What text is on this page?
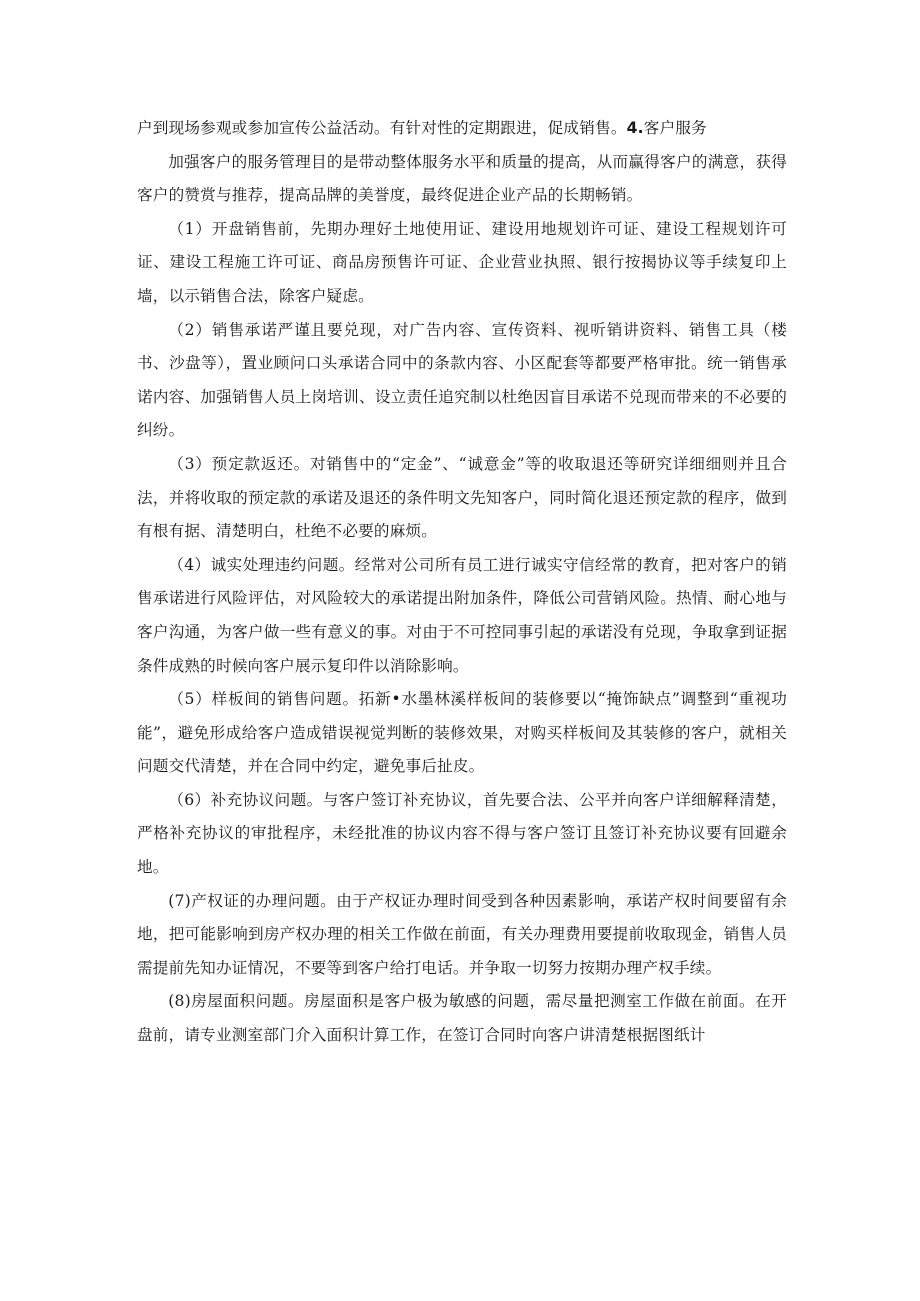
户到现场参观或参加宣传公益活动。有针对性的定期跟进，促成销售。4.客户服务

加强客户的服务管理目的是带动整体服务水平和质量的提高，从而赢得客户的满意，获得客户的赞赏与推荐，提高品牌的美誉度，最终促进企业产品的长期畅销。

（1）开盘销售前，先期办理好土地使用证、建设用地规划许可证、建设工程规划许可证、建设工程施工许可证、商品房预售许可证、企业营业执照、银行按揭协议等手续复印上墙，以示销售合法，除客户疑虑。

（2）销售承诺严谨且要兑现，对广告内容、宣传资料、视听销讲资料、销售工具（楼书、沙盘等），置业顾问口头承诺合同中的条款内容、小区配套等都要严格审批。统一销售承诺内容、加强销售人员上岗培训、设立责任追究制以杜绝因盲目承诺不兑现而带来的不必要的纠纷。

（3）预定款返还。对销售中的“定金”、“诚意金”等的收取退还等研究详细细则并且合法，并将收取的预定款的承诺及退还的条件明文先知客户，同时简化退还预定款的程序，做到有根有据、清楚明白，杜绝不必要的麻烦。

（4）诚实处理违约问题。经常对公司所有员工进行诚实守信经常的教育，把对客户的销售承诺进行风险评估，对风险较大的承诺提出附加条件，降低公司营销风险。热情、耐心地与客户沟通，为客户做一些有意义的事。对由于不可控同事引起的承诺没有兑现，争取拿到证据条件成熟的时候向客户展示复印件以消除影响。

（5）样板间的销售问题。拓新•水墨林溪样板间的装修要以“掩饰缺点”调整到“重视功能”，避免形成给客户造成错误视觉判断的装修效果，对购买样板间及其装修的客户，就相关问题交代清楚，并在合同中约定，避免事后扯皮。

（6）补充协议问题。与客户签订补充协议，首先要合法、公平并向客户详细解释清楚，严格补充协议的审批程序，未经批准的协议内容不得与客户签订且签订补充协议要有回避余地。

(7)产权证的办理问题。由于产权证办理时间受到各种因素影响，承诺产权时间要留有余地，把可能影响到房产权办理的相关工作做在前面，有关办理费用要提前收取现金，销售人员需提前先知办证情况，不要等到客户给打电话。并争取一切努力按期办理产权手续。

(8)房屋面积问题。房屋面积是客户极为敏感的问题，需尽量把测室工作做在前面。在开盘前，请专业测室部门介入面积计算工作，在签订合同时向客户讲清楚根据图纸计
